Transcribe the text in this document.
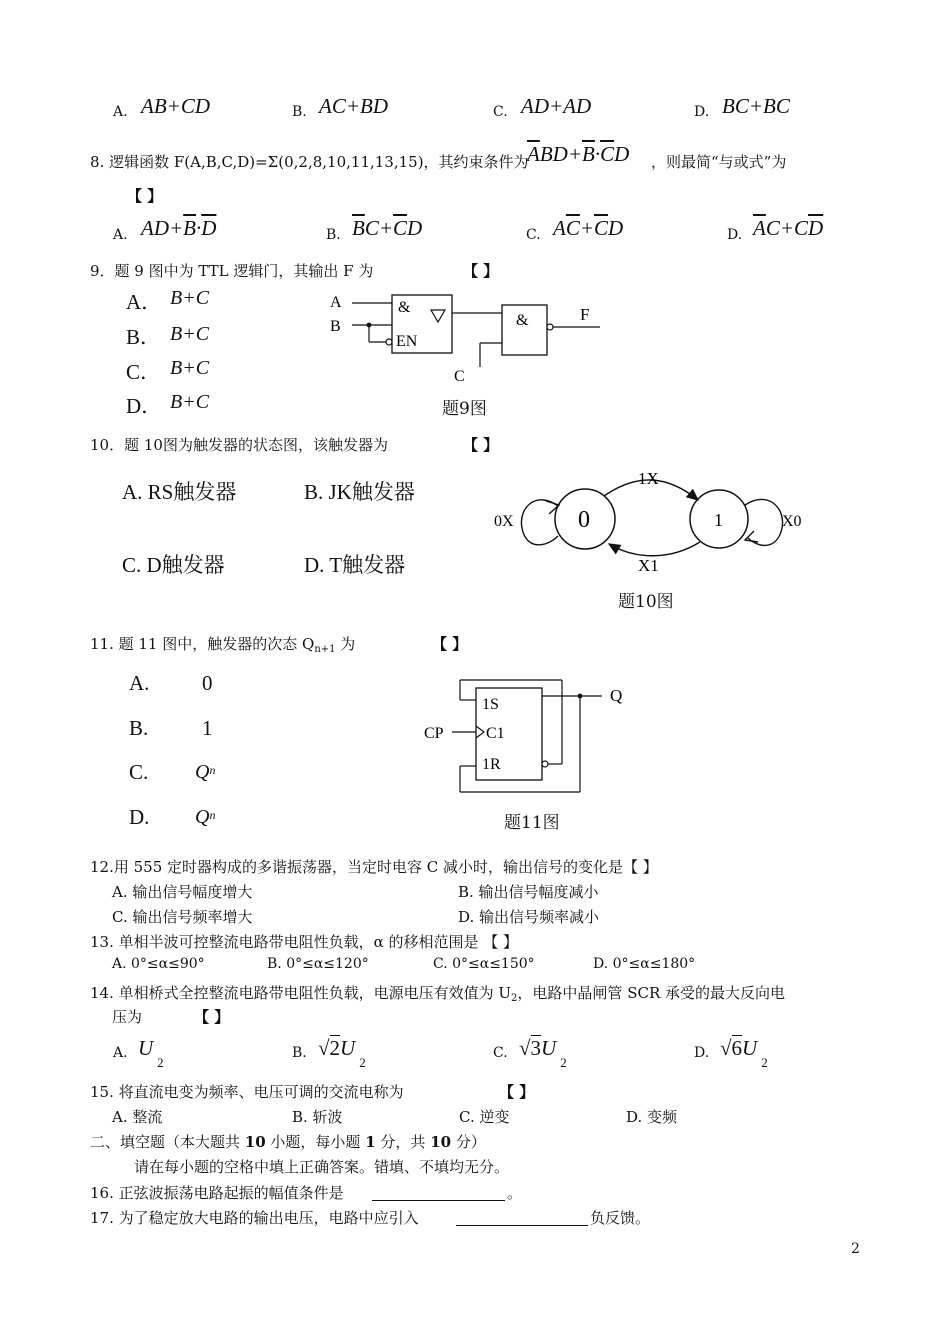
A. AB+CD	B. AC+BD	C. AD+AD	D. BC+BC
8. 逻辑函数 F(A,B,C,D)=Σ(0,2,8,10,11,13,15)，其约束条件为
$\overline{A}BD+\overline{B}\cdot\overline{C}D$ ，则最简“与或式”为
【 】
A. $AD+\overline{B}\cdot\overline{D}$	B. $\overline{B}C+\overline{C}D$	C. $A\overline{C}+\overline{C}D$	D. $\overline{A}C+C\overline{D}$
9．题 9 图中为 TTL 逻辑门，其输出 F 为	【 】
A． B+C
B． B+C
C． B+C
D． B+C
&
EN
A
B	&	F
C
题9图
10．题 10图为触发器的状态图，该触发器为	【 】
A. RS触发器	B. JK触发器
C. D触发器	D. T触发器
0	1
1X
X1
0X	X0
题10图
11. 题 11 图中，触发器的次态 $Q_{n+1}$ 为	【 】
A.	0
B.	1
C. $Q^n$
D. $Q^n$
1S
C1
1R
CP
Q
题11图
12.用 555 定时器构成的多谐振荡器，当定时电容 C 减小时，输出信号的变化是【 】
A. 输出信号幅度增大	B. 输出信号幅度减小
C. 输出信号频率增大	D. 输出信号频率减小
13. 单相半波可控整流电路带电阻性负载，α 的移相范围是 【 】
A. 0°≤α≤90°	B. 0°≤α≤120°	C. 0°≤α≤150°	D. 0°≤α≤180°
14. 单相桥式全控整流电路带电阻性负载，电源电压有效值为 $U_2$，电路中晶闸管 SCR 承受的最大反向电
压为	【 】
A. $U_2$
B. $√2U_2$
C. $√3U_2$
D. $√6U_2$
15. 将直流电变为频率、电压可调的交流电称为	【 】
A. 整流	B. 斩波	C. 逆变	D. 变频
二、填空题（本大题共 10 小题，每小题 1 分，共 10 分）
请在每小题的空格中填上正确答案。错填、不填均无分。
16. 正弦波振荡电路起振的幅值条件是	。
17. 为了稳定放大电路的输出电压，电路中应引入	负反馈。
2
